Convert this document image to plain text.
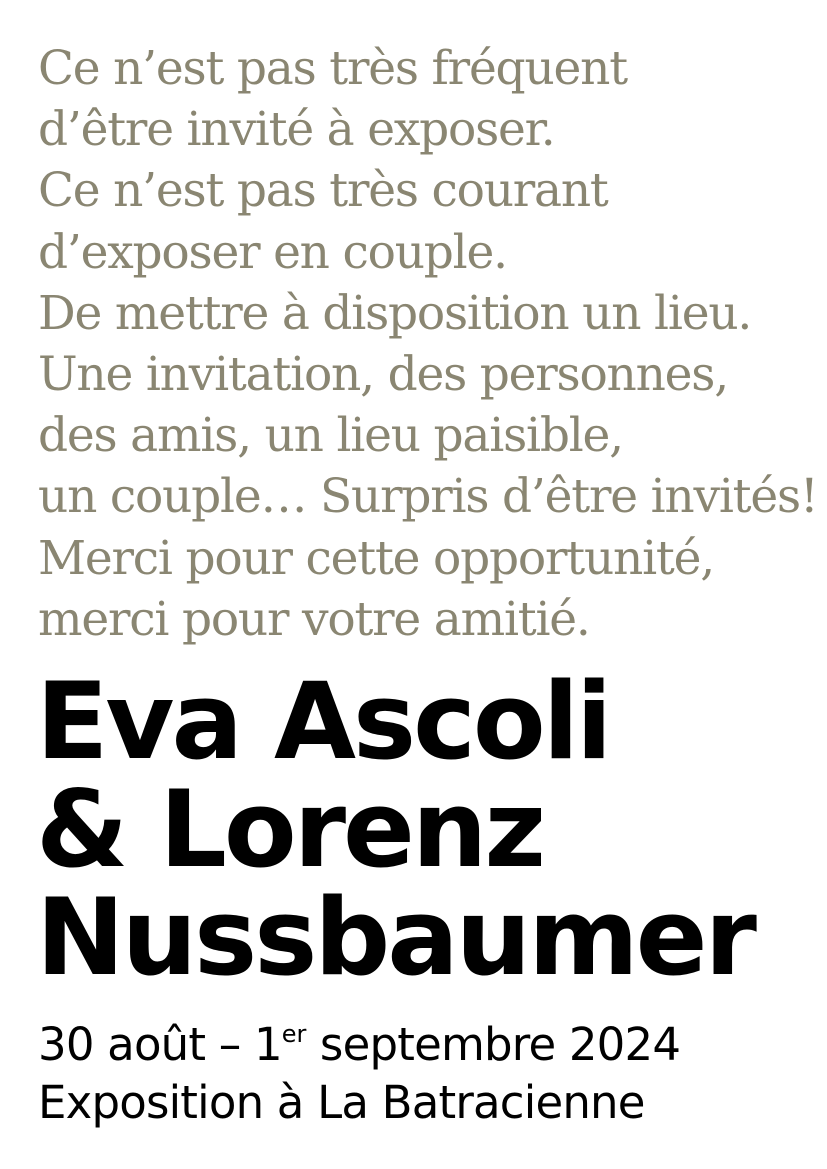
Ce n’est pas très fréquent
d’être invité à exposer.
Ce n’est pas très courant
d’exposer en couple.
De mettre à disposition un lieu.
Une invitation, des personnes,
des amis, un lieu paisible,
un couple… Surpris d’être invités!
Merci pour cette opportunité,
merci pour votre amitié.
Eva Ascoli
& Lorenz
Nussbaumer
30 août – 1er septembre 2024
Exposition à La Batracienne
